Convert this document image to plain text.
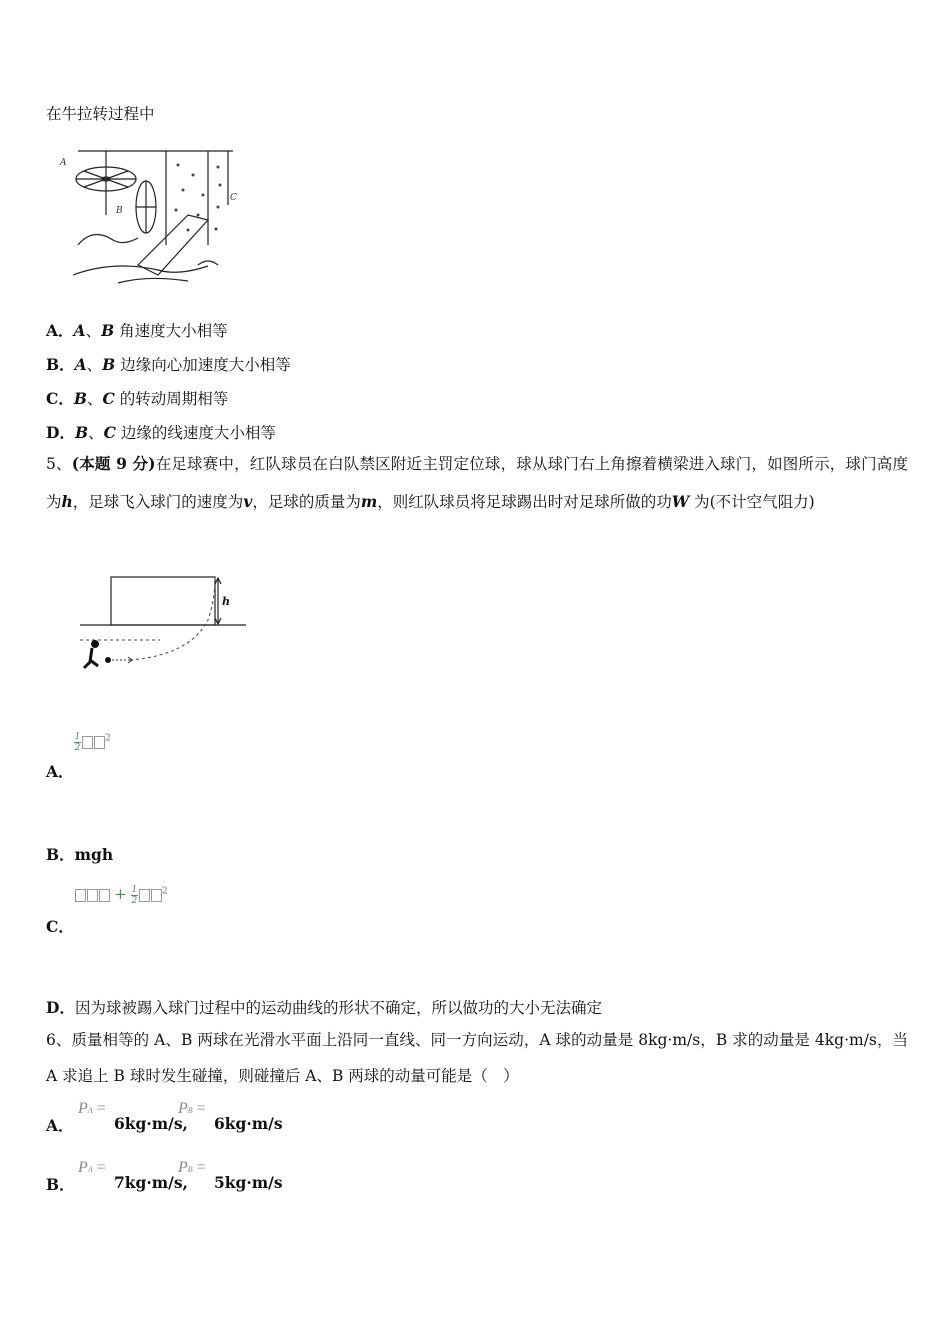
在牛拉转过程中
A
B
C
A．A、B 角速度大小相等
B．A、B 边缘向心加速度大小相等
C．B、C 的转动周期相等
D．B、C 边缘的线速度大小相等
5、(本题 9 分)在足球赛中，红队球员在白队禁区附近主罚定位球，球从球门右上角擦着横梁进入球门，如图所示，球门高度为h，足球飞入球门的速度为v，足球的质量为m，则红队球员将足球踢出时对足球所做的功W 为(不计空气阻力)
h
$\frac{1}{2}$	$^2$
A．
B．mgh
+ $\frac{1}{2}$	$^2$
C．
D．因为球被踢入球门过程中的运动曲线的形状不确定，所以做功的大小无法确定
6、质量相等的 A、B 两球在光滑水平面上沿同一直线、同一方向运动，A 球的动量是 8kg·m/s，B 求的动量是 4kg·m/s，当 A 求追上 B 球时发生碰撞，则碰撞后 A、B 两球的动量可能是（　）
A．
PA =
6kg·m/s,
PB =
6kg·m/s
B．
PA =
7kg·m/s,
PB =
5kg·m/s
